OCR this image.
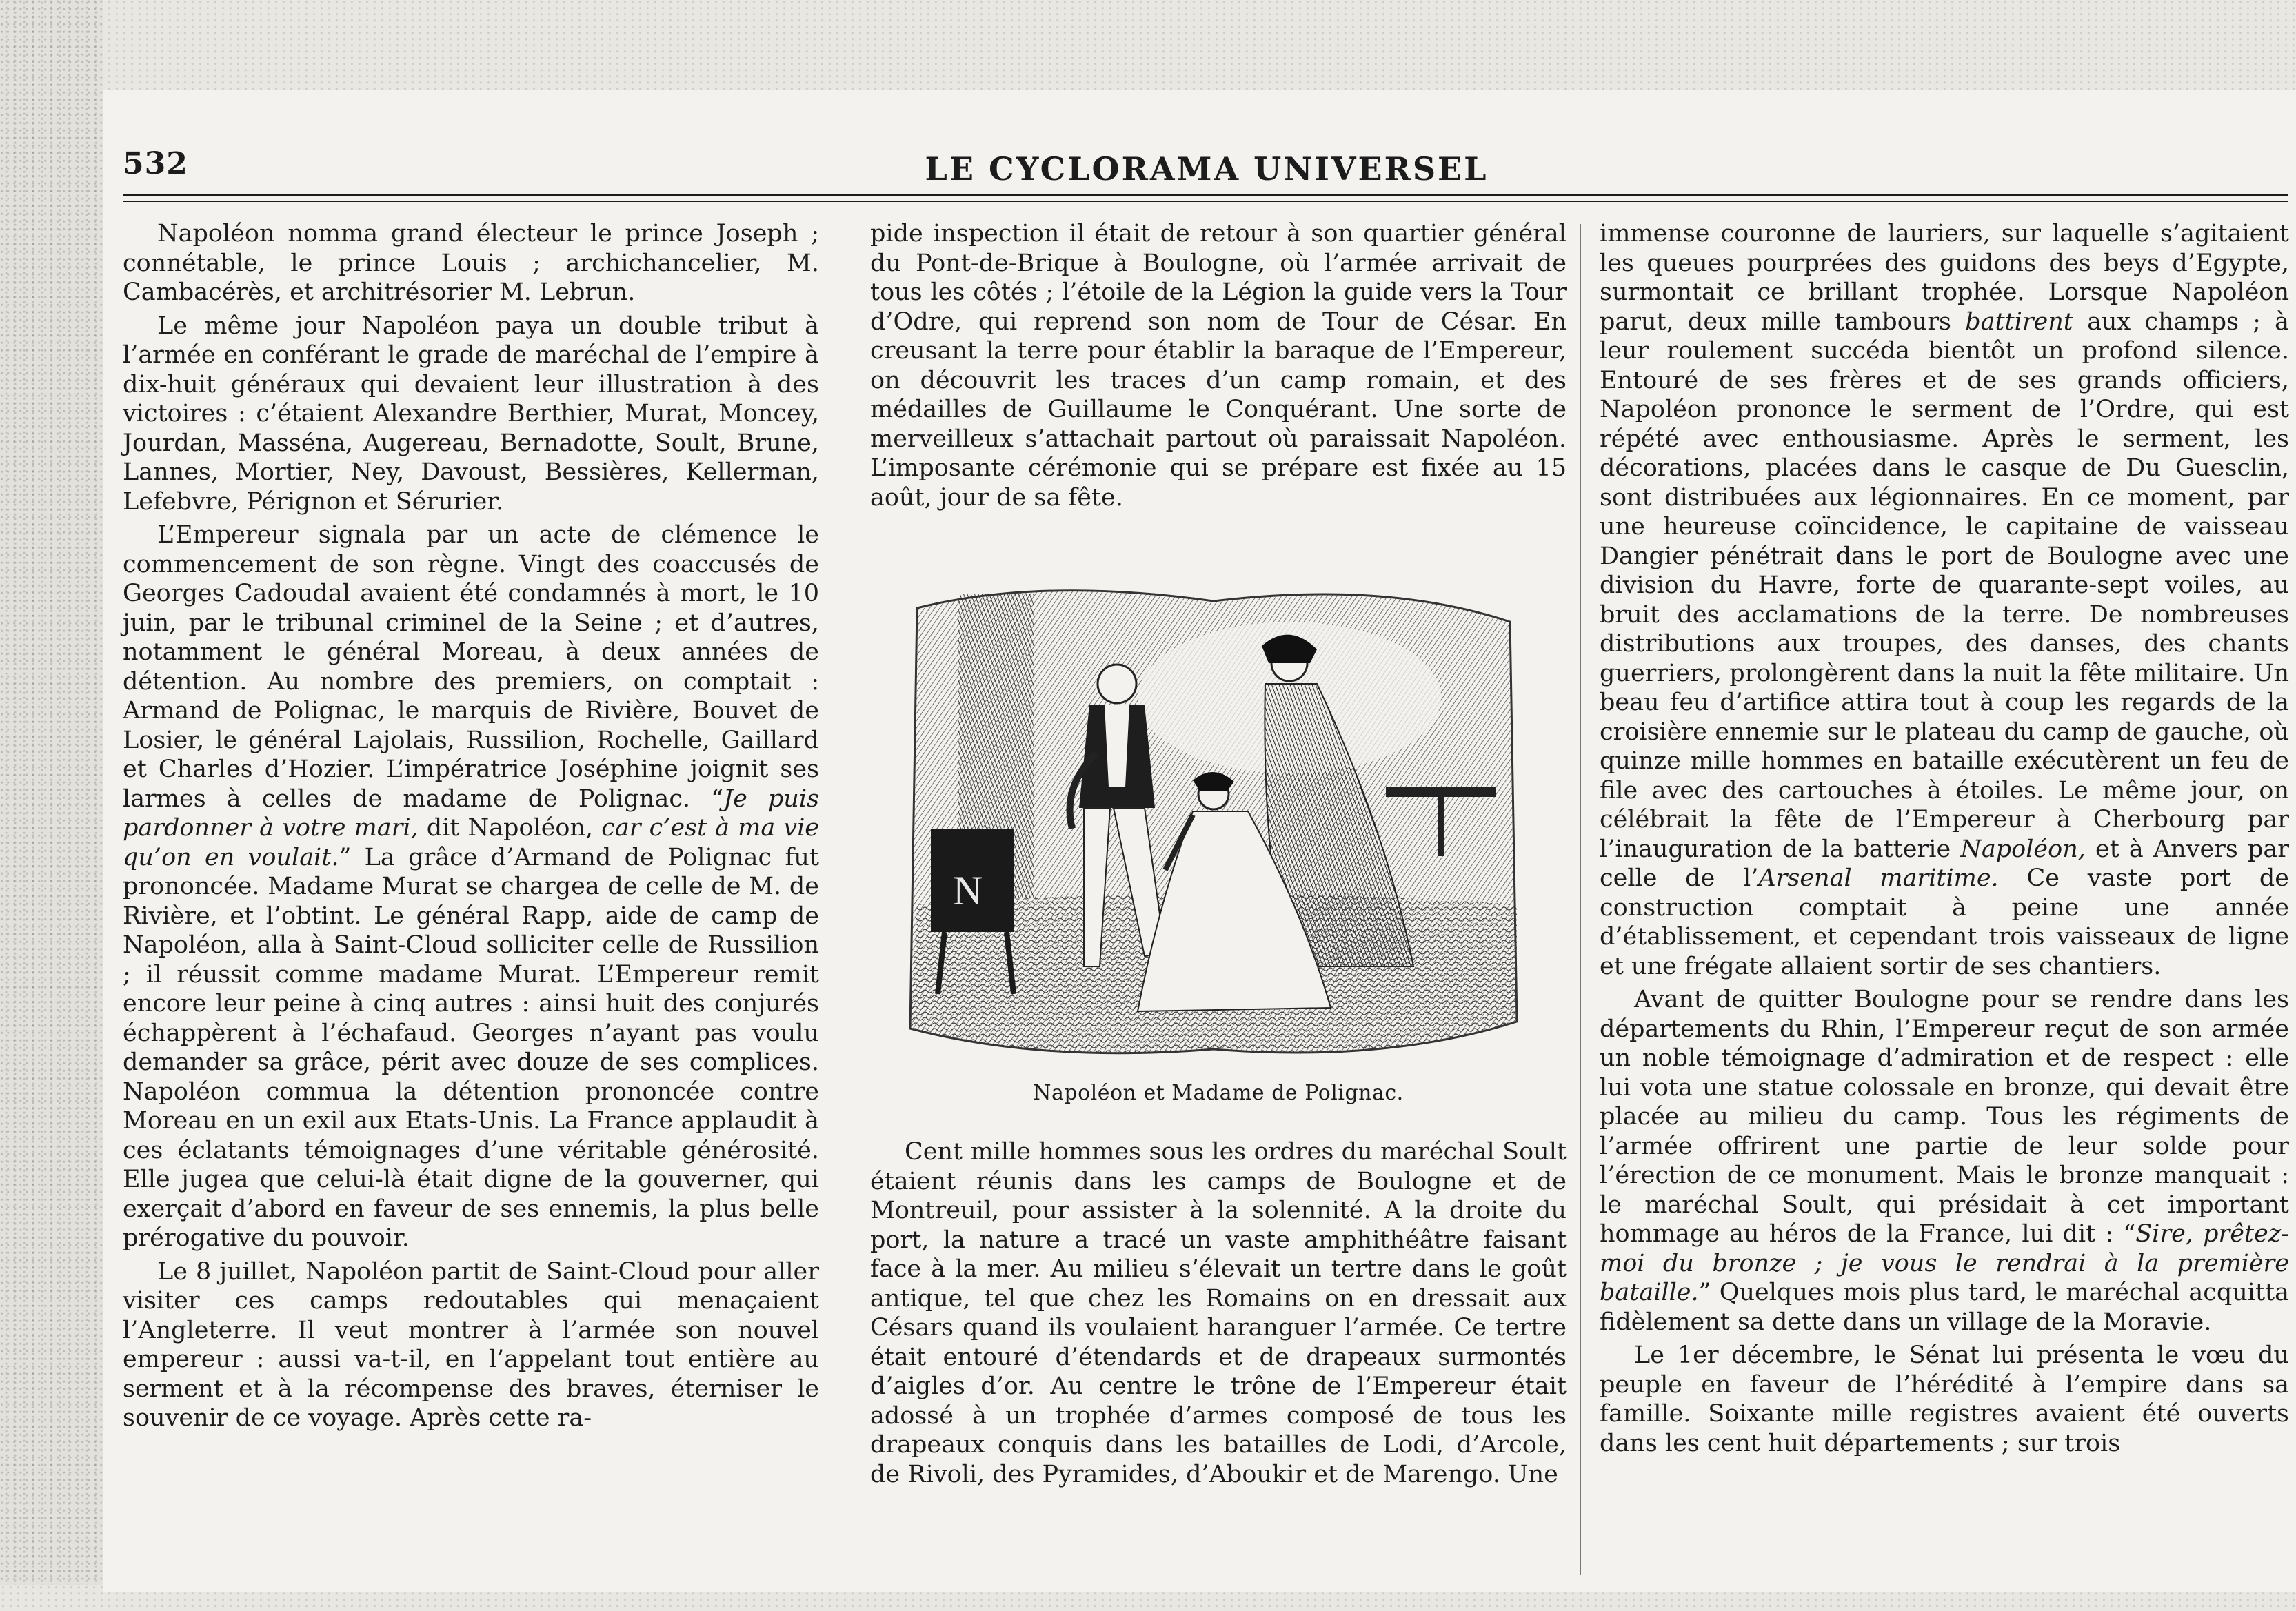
532	LE CYCLORAMA UNIVERSEL

Napoléon nomma grand électeur le prince Joseph ; connétable, le prince Louis ; archichancelier, M. Cambacérès, et architrésorier M. Lebrun.

Le même jour Napoléon paya un double tribut à l’armée en conférant le grade de maréchal de l’empire à dix-huit généraux qui devaient leur illustration à des victoires : c’étaient Alexandre Berthier, Murat, Moncey, Jourdan, Masséna, Augereau, Bernadotte, Soult, Brune, Lannes, Mortier, Ney, Davoust, Bessières, Kellerman, Lefebvre, Pérignon et Sérurier.

L’Empereur signala par un acte de clémence le commencement de son règne. Vingt des coaccusés de Georges Cadoudal avaient été condamnés à mort, le 10 juin, par le tribunal criminel de la Seine ; et d’autres, notamment le général Moreau, à deux années de détention. Au nombre des premiers, on comptait : Armand de Polignac, le marquis de Rivière, Bouvet de Losier, le général Lajolais, Russilion, Rochelle, Gaillard et Charles d’Hozier. L’impératrice Joséphine joignit ses larmes à celles de madame de Polignac. “Je puis pardonner à votre mari, dit Napoléon, car c’est à ma vie qu’on en voulait.” La grâce d’Armand de Polignac fut prononcée. Madame Murat se chargea de celle de M. de Rivière, et l’obtint. Le général Rapp, aide de camp de Napoléon, alla à Saint-Cloud solliciter celle de Russilion ; il réussit comme madame Murat. L’Empereur remit encore leur peine à cinq autres : ainsi huit des conjurés échappèrent à l’échafaud. Georges n’ayant pas voulu demander sa grâce, périt avec douze de ses complices. Napoléon commua la détention prononcée contre Moreau en un exil aux Etats-Unis. La France applaudit à ces éclatants témoignages d’une véritable générosité. Elle jugea que celui-là était digne de la gouverner, qui exerçait d’abord en faveur de ses ennemis, la plus belle prérogative du pouvoir.

Le 8 juillet, Napoléon partit de Saint-Cloud pour aller visiter ces camps redoutables qui menaçaient l’Angleterre. Il veut montrer à l’armée son nouvel empereur : aussi va-t-il, en l’appelant tout entière au serment et à la récompense des braves, éterniser le souvenir de ce voyage. Après cette ra-

pide inspection il était de retour à son quartier général du Pont-de-Brique à Boulogne, où l’armée arrivait de tous les côtés ; l’étoile de la Légion la guide vers la Tour d’Odre, qui reprend son nom de Tour de César. En creusant la terre pour établir la baraque de l’Empereur, on découvrit les traces d’un camp romain, et des médailles de Guillaume le Conquérant. Une sorte de merveilleux s’attachait partout où paraissait Napoléon. L’imposante cérémonie qui se prépare est fixée au 15 août, jour de sa fête.

N
Napoléon et Madame de Polignac.

Cent mille hommes sous les ordres du maréchal Soult étaient réunis dans les camps de Boulogne et de Montreuil, pour assister à la solennité. A la droite du port, la nature a tracé un vaste amphithéâtre faisant face à la mer. Au milieu s’élevait un tertre dans le goût antique, tel que chez les Romains on en dressait aux Césars quand ils voulaient haranguer l’armée. Ce tertre était entouré d’étendards et de drapeaux surmontés d’aigles d’or. Au centre le trône de l’Empereur était adossé à un trophée d’armes composé de tous les drapeaux conquis dans les batailles de Lodi, d’Arcole, de Rivoli, des Pyramides, d’Aboukir et de Marengo. Une

immense couronne de lauriers, sur laquelle s’agitaient les queues pourprées des guidons des beys d’Egypte, surmontait ce brillant trophée. Lorsque Napoléon parut, deux mille tambours battirent aux champs ; à leur roulement succéda bientôt un profond silence. Entouré de ses frères et de ses grands officiers, Napoléon prononce le serment de l’Ordre, qui est répété avec enthousiasme. Après le serment, les décorations, placées dans le casque de Du Guesclin, sont distribuées aux légionnaires. En ce moment, par une heureuse coïncidence, le capitaine de vaisseau Dangier pénétrait dans le port de Boulogne avec une division du Havre, forte de quarante-sept voiles, au bruit des acclamations de la terre. De nombreuses distributions aux troupes, des danses, des chants guerriers, prolongèrent dans la nuit la fête militaire. Un beau feu d’artifice attira tout à coup les regards de la croisière ennemie sur le plateau du camp de gauche, où quinze mille hommes en bataille exécutèrent un feu de file avec des cartouches à étoiles. Le même jour, on célébrait la fête de l’Empereur à Cherbourg par l’inauguration de la batterie Napoléon, et à Anvers par celle de l’Arsenal maritime. Ce vaste port de construction comptait à peine une année d’établissement, et cependant trois vaisseaux de ligne et une frégate allaient sortir de ses chantiers.

Avant de quitter Boulogne pour se rendre dans les départements du Rhin, l’Empereur reçut de son armée un noble témoignage d’admiration et de respect : elle lui vota une statue colossale en bronze, qui devait être placée au milieu du camp. Tous les régiments de l’armée offrirent une partie de leur solde pour l’érection de ce monument. Mais le bronze manquait : le maréchal Soult, qui présidait à cet important hommage au héros de la France, lui dit : “Sire, prêtez-moi du bronze ; je vous le rendrai à la première bataille.” Quelques mois plus tard, le maréchal acquitta fidèlement sa dette dans un village de la Moravie.

Le 1er décembre, le Sénat lui présenta le vœu du peuple en faveur de l’hérédité à l’empire dans sa famille. Soixante mille registres avaient été ouverts dans les cent huit départements ; sur trois
